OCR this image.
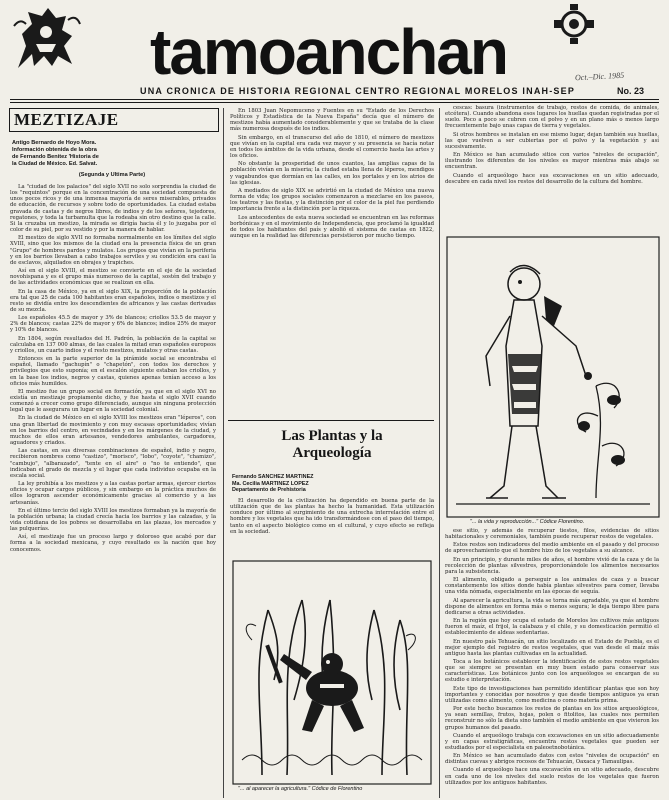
tamoanchan	Oct.–Dic. 1985
UNA CRONICA DE HISTORIA REGIONAL CENTRO REGIONAL MORELOS INAH-SEP	No. 23
MEZTIZAJE
Antigo Bernardo de Hoyo Mora.
Información obtenida de la obra
de Fernando Benitez 'Historia de
la Ciudad de México. Ed. Salvat.
(Segunda y Ultima Parte)

La "ciudad de los palacios" del siglo XVII no solo sorprendía la ciudad de los "requintos" porque en la concentración de una sociedad compuesta de unos pocos ricos y de una inmensa mayoría de seres miserables, privados de educación, de recursos y sobre todo de oportunidades. La ciudad estaba gravada de castas y de negros libres, de indios y de los señores, tejedores, regatones, y toda la turbamulta que la rodeaba sin otro destino que la calle. Si la cruzaba un mestizo, la mirada se dirigía hacia él y lo juzgaba por el color de su piel, por su vestido y por la manera de hablar.

El mestizo de siglo XVII no formaba normalmente en los límites del siglo XVIII, sino que los mismos de la ciudad era la presencia física de un gran "Grupo" de hombres pardos y mulatos. Los grupos que vivían en la periferia y en los barrios llevaban a cabo trabajos serviles y su condición era casi la de esclavos, alquilados en obrajes y trapiches.

Así en el siglo XVIII, el mestizo se convierte en el eje de la sociedad novohispana y es el grupo más numeroso de la capital, sostén del trabajo y de las actividades económicas que se realizan en ella.

En la casa de México, ya en el siglo XIX, la proporción de la población era tal que 25 de cada 100 habitantes eran españoles, indios o mestizos y el resto se dividía entre los descendientes de africanos y las castas derivadas de su mezcla.

Los españoles 45.5 de mayor y 3% de blancos; criollos 53.5 de mayor y 2% de blancos; castas 22% de mayor y 6% de blancos; indios 25% de mayor y 10% de blancos.

En 1804, según resultados del H. Padrón, la población de la capital se calculaba en 137 000 almas, de las cuales la mitad eran españoles europeos y criollos, un cuarto indios y el resto mestizos, mulatos y otras castas.

Entonces en la parte superior de la pirámide social se encontraba el español, llamado "gachupín" o "chapetón", con todos los derechos y privilegios que esto suponía; en el escalón siguiente estaban los criollos, y en la base los indios, negros y castas, quienes apenas tenían acceso a los oficios más humildes.

El mestizo fue un grupo social en formación, ya que en el siglo XVI no existía un mestizaje propiamente dicho, y fue hasta el siglo XVII cuando comenzó a crecer como grupo diferenciado, aunque sin ninguna protección legal que le asegurara un lugar en la sociedad colonial.

En la ciudad de México en el siglo XVIII los mestizos eran "léperos", con una gran libertad de movimiento y con muy escasas oportunidades; vivían en los barrios del centro, en vecindades y en los márgenes de la ciudad, y muchos de ellos eran artesanos, vendedores ambulantes, cargadores, aguadores y criados.

Las castas, en sus diversas combinaciones de español, indio y negro, recibieron nombres como "castizo", "morisco", "lobo", "coyote", "chamizo", "cambujo", "albarazado", "tente en el aire" o "no te entiendo", que indicaban el grado de mezcla y el lugar que cada individuo ocupaba en la escala social.

La ley prohibía a los mestizos y a las castas portar armas, ejercer ciertos oficios y ocupar cargos públicos, y sin embargo en la práctica muchos de ellos lograron ascender económicamente gracias al comercio y a las artesanías.

En el último tercio del siglo XVIII los mestizos formaban ya la mayoría de la población urbana; la ciudad crecía hacia los barrios y las calzadas, y la vida cotidiana de los pobres se desarrollaba en las plazas, los mercados y las pulquerías.

Así, el mestizaje fue un proceso largo y doloroso que acabó por dar forma a la sociedad mexicana, y cuyo resultado es la nación que hoy conocemos.

En 1803 Juan Nepomuceno y Fuentes en su "Estado de los Derechos Políticos y Estadística de la Nueva España" decía que el número de mestizos había aumentado considerablemente y que se trataba de la clase más numerosa después de los indios.

Sin embargo, en el transcurso del año de 1810, el número de mestizos que vivían en la capital era cada vez mayor y su presencia se hacía notar en todos los ámbitos de la vida urbana, desde el comercio hasta las artes y los oficios.

No obstante la prosperidad de unos cuantos, las amplias capas de la población vivían en la miseria; la ciudad estaba llena de léperos, mendigos y vagabundos que dormían en las calles, en los portales y en los atrios de las iglesias.

A mediados de siglo XIX se advirtió en la ciudad de México una nueva forma de vida; los grupos sociales comenzaron a mezclarse en los paseos, los teatros y las fiestas, y la distinción por el color de la piel fue perdiendo importancia frente a la distinción por la riqueza.

Los antecedentes de esta nueva sociedad se encuentran en las reformas borbónicas y en el movimiento de Independencia, que proclamó la igualdad de todos los habitantes del país y abolió el sistema de castas en 1822, aunque en la realidad las diferencias persistieron por mucho tiempo.

Las Plantas y la
Arqueología
Fernando SANCHEZ MARTINEZ
Ma. Cecilia MARTINEZ LOPEZ
Departamento de Prehistoria

El desarrollo de la civilización ha dependido en buena parte de la utilización que de las plantas ha hecho la humanidad. Esta utilización conduce por último al surgimiento de una extrecha interrelación entre el hombre y los vegetales que ha ido transformándose con el paso del tiempo, tanto en el aspecto biológico como en el cultural, y cuyo efecto se refleja en la sociedad.

"... al aparecer la agricultura." Códice de Florentino

cescas: basura (instrumentos de trabajo, restos de comida, de animales, etcétera). Cuando abandona esos lugares los huellas quedan registradas por el suelo. Poco a poco se cubren con el polvo y en un plano más o menos largo frecuentemente bajo unas capas de tierra y vegetales.

Si otros hombres se instalan en ese mismo lugar, dejan también sus huellas, las que vuelven a ser cubiertas por el polvo y la vegetación y así sucesivamente.

En México se han acumulado sitios con varios "niveles de ocupación", ilustrando los diferentes de los niveles es mayor mientras más abajo se encuentran.

Cuando el arqueólogo hace sus excavaciones en un sitio adecuado, descubre en cada nivel los restos del desarrollo de la cultura del hombre.

"... la vida y reproducción..." Códice Florentino.

ese sitio, y además de recuperar tiestos, filos, evidencias de sitios habitacionales y ceremoniales, también puede recuperar restos de vegetales.

Estos restos son indicadores del medio ambiente en el pasado y del proceso de aprovechamiento que el hombre hizo de los vegetales a su alcance.

En un principio, y durante miles de años, el hombre vivió de la caza y de la recolección de plantas silvestres, proporcionándole los alimentos necesarios para la subsistencia.

El alimento, obligado a perseguir a los animales de caza y a buscar constantemente los sitios donde había plantas silvestres para comer, llevaba una vida nómada, especialmente en las épocas de sequía.

Al aparecer la agricultura, la vida se torna más agradable, ya que el hombre dispone de alimentos en forma más o menos segura; le deja tiempo libre para dedicarse a otras actividades.

En la región que hoy ocupa el estado de Morelos los cultivos más antiguos fueron el maíz, el frijol, la calabaza y el chile, y su domesticación permitió el establecimiento de aldeas sedentarias.

En nuestro país Tehuacán, un sitio localizado en el Estado de Puebla, es el mejor ejemplo del registro de restos vegetales, que van desde el maíz más antiguo hasta las plantas cultivadas en la actualidad.

Toca a los botánicos establecer la identificación de estos restos vegetales que se siempre se presentan en muy buen estado para conservar sus características. Los botánicos junto con los arqueólogos se encargan de su estudio e interpretación.

Este tipo de investigaciones han permitido identificar plantas que son hoy importantes y conocidas por nosotros y que desde tiempos antiguos ya eran utilizadas como alimento, como medicina o como materia prima.

Por este hecho buscamos los restos de plantas en los sitios arqueológicos, ya sean semillas, frutos, hojas, polen o fitolitos, las cuales nos permiten reconstruir no sólo la dieta sino también el medio ambiente en que vivieron los grupos humanos del pasado.

Cuando el arqueólogo trabaja con excavaciones en un sitio adecuadamente y en capas estratigráficas, encuentra restos vegetales que pueden ser estudiados por el especialista en paleoetnobotánica.

En México se han acumulado datos con estos "niveles de ocupación" en distintas cuevas y abrigos rocosos de Tehuacán, Oaxaca y Tamaulipas.

Cuando el arqueólogo hace una excavación en un sitio adecuado, descubre en cada uno de los niveles del suelo restos de los vegetales que fueron utilizados por los antiguos habitantes.
